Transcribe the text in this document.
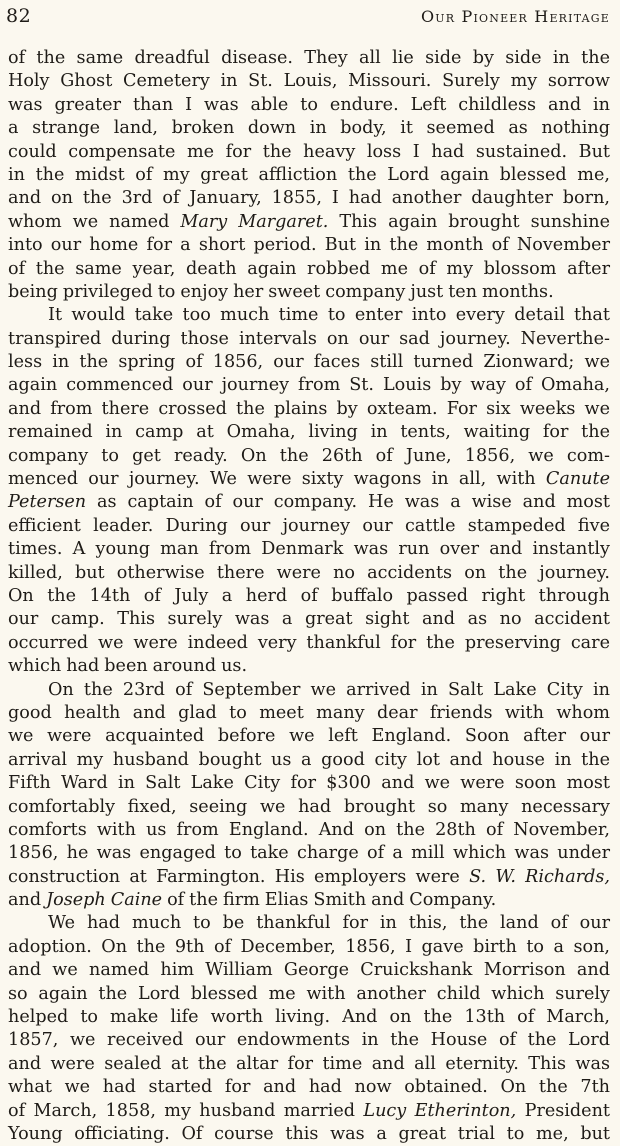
82	Our Pioneer Heritage
of the same dreadful disease. They all lie side by side in the
Holy Ghost Cemetery in St. Louis, Missouri. Surely my sorrow
was greater than I was able to endure. Left childless and in
a strange land, broken down in body, it seemed as nothing
could compensate me for the heavy loss I had sustained. But
in the midst of my great affliction the Lord again blessed me,
and on the 3rd of January, 1855, I had another daughter born,
whom we named Mary Margaret. This again brought sunshine
into our home for a short period. But in the month of November
of the same year, death again robbed me of my blossom after
being privileged to enjoy her sweet company just ten months.
It would take too much time to enter into every detail that
transpired during those intervals on our sad journey. Neverthe-
less in the spring of 1856, our faces still turned Zionward; we
again commenced our journey from St. Louis by way of Omaha,
and from there crossed the plains by oxteam. For six weeks we
remained in camp at Omaha, living in tents, waiting for the
company to get ready. On the 26th of June, 1856, we com-
menced our journey. We were sixty wagons in all, with Canute
Petersen as captain of our company. He was a wise and most
efficient leader. During our journey our cattle stampeded five
times. A young man from Denmark was run over and instantly
killed, but otherwise there were no accidents on the journey.
On the 14th of July a herd of buffalo passed right through
our camp. This surely was a great sight and as no accident
occurred we were indeed very thankful for the preserving care
which had been around us.
On the 23rd of September we arrived in Salt Lake City in
good health and glad to meet many dear friends with whom
we were acquainted before we left England. Soon after our
arrival my husband bought us a good city lot and house in the
Fifth Ward in Salt Lake City for $300 and we were soon most
comfortably fixed, seeing we had brought so many necessary
comforts with us from England. And on the 28th of November,
1856, he was engaged to take charge of a mill which was under
construction at Farmington. His employers were S. W. Richards,
and Joseph Caine of the firm Elias Smith and Company.
We had much to be thankful for in this, the land of our
adoption. On the 9th of December, 1856, I gave birth to a son,
and we named him William George Cruickshank Morrison and
so again the Lord blessed me with another child which surely
helped to make life worth living. And on the 13th of March,
1857, we received our endowments in the House of the Lord
and were sealed at the altar for time and all eternity. This was
what we had started for and had now obtained. On the 7th
of March, 1858, my husband married Lucy Etherinton, President
Young officiating. Of course this was a great trial to me, but
